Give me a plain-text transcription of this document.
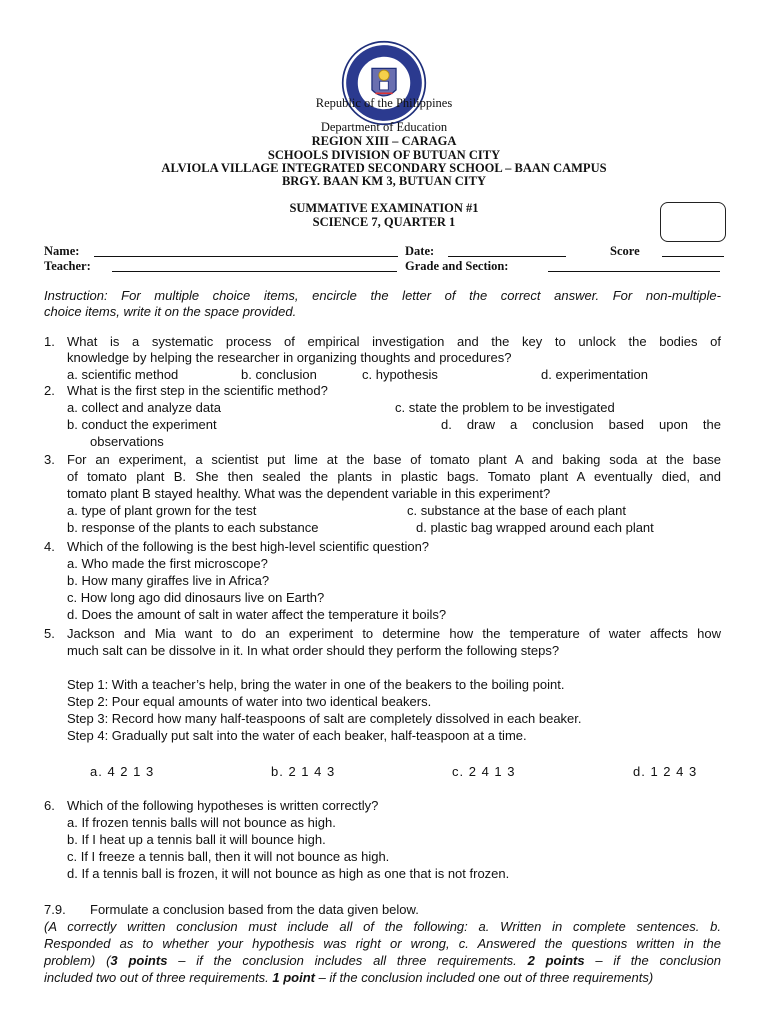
Republic of the Philippines
Department of Education
REGION XIII – CARAGA
SCHOOLS DIVISION OF BUTUAN CITY
ALVIOLA VILLAGE INTEGRATED SECONDARY SCHOOL – BAAN CAMPUS
BRGY. BAAN KM 3, BUTUAN CITY
SUMMATIVE EXAMINATION #1
SCIENCE 7, QUARTER 1
Name:	Date:	Score
Teacher:	Grade and Section:
Instruction: For multiple choice items, encircle the letter of the correct answer. For non-multiple-
choice items, write it on the space provided.
1. What is a systematic process of empirical investigation and the key to unlock the bodies of
knowledge by helping the researcher in organizing thoughts and procedures?
a. scientific method	b. conclusion	c. hypothesis	d. experimentation
2. What is the first step in the scientific method?
a. collect and analyze data	c. state the problem to be investigated
b. conduct the experiment	d. draw a conclusion based upon the
observations
3. For an experiment, a scientist put lime at the base of tomato plant A and baking soda at the base
of tomato plant B. She then sealed the plants in plastic bags. Tomato plant A eventually died, and
tomato plant B stayed healthy. What was the dependent variable in this experiment?
a. type of plant grown for the test	c. substance at the base of each plant
b. response of the plants to each substance	d. plastic bag wrapped around each plant
4. Which of the following is the best high-level scientific question?
a. Who made the first microscope?
b. How many giraffes live in Africa?
c. How long ago did dinosaurs live on Earth?
d. Does the amount of salt in water affect the temperature it boils?
5. Jackson and Mia want to do an experiment to determine how the temperature of water affects how
much salt can be dissolve in it. In what order should they perform the following steps?
Step 1: With a teacher’s help, bring the water in one of the beakers to the boiling point.
Step 2: Pour equal amounts of water into two identical beakers.
Step 3: Record how many half-teaspoons of salt are completely dissolved in each beaker.
Step 4: Gradually put salt into the water of each beaker, half-teaspoon at a time.
a. 4 2 1 3	b. 2 1 4 3	c. 2 4 1 3	d. 1 2 4 3
6. Which of the following hypotheses is written correctly?
a. If frozen tennis balls will not bounce as high.
b. If I heat up a tennis ball it will bounce high.
c. If I freeze a tennis ball, then it will not bounce as high.
d. If a tennis ball is frozen, it will not bounce as high as one that is not frozen.
7.9. Formulate a conclusion based from the data given below.
(A correctly written conclusion must include all of the following: a. Written in complete sentences. b.
Responded as to whether your hypothesis was right or wrong, c. Answered the questions written in the
problem) (3 points – if the conclusion includes all three requirements. 2 points – if the conclusion
included two out of three requirements. 1 point – if the conclusion included one out of three requirements)
